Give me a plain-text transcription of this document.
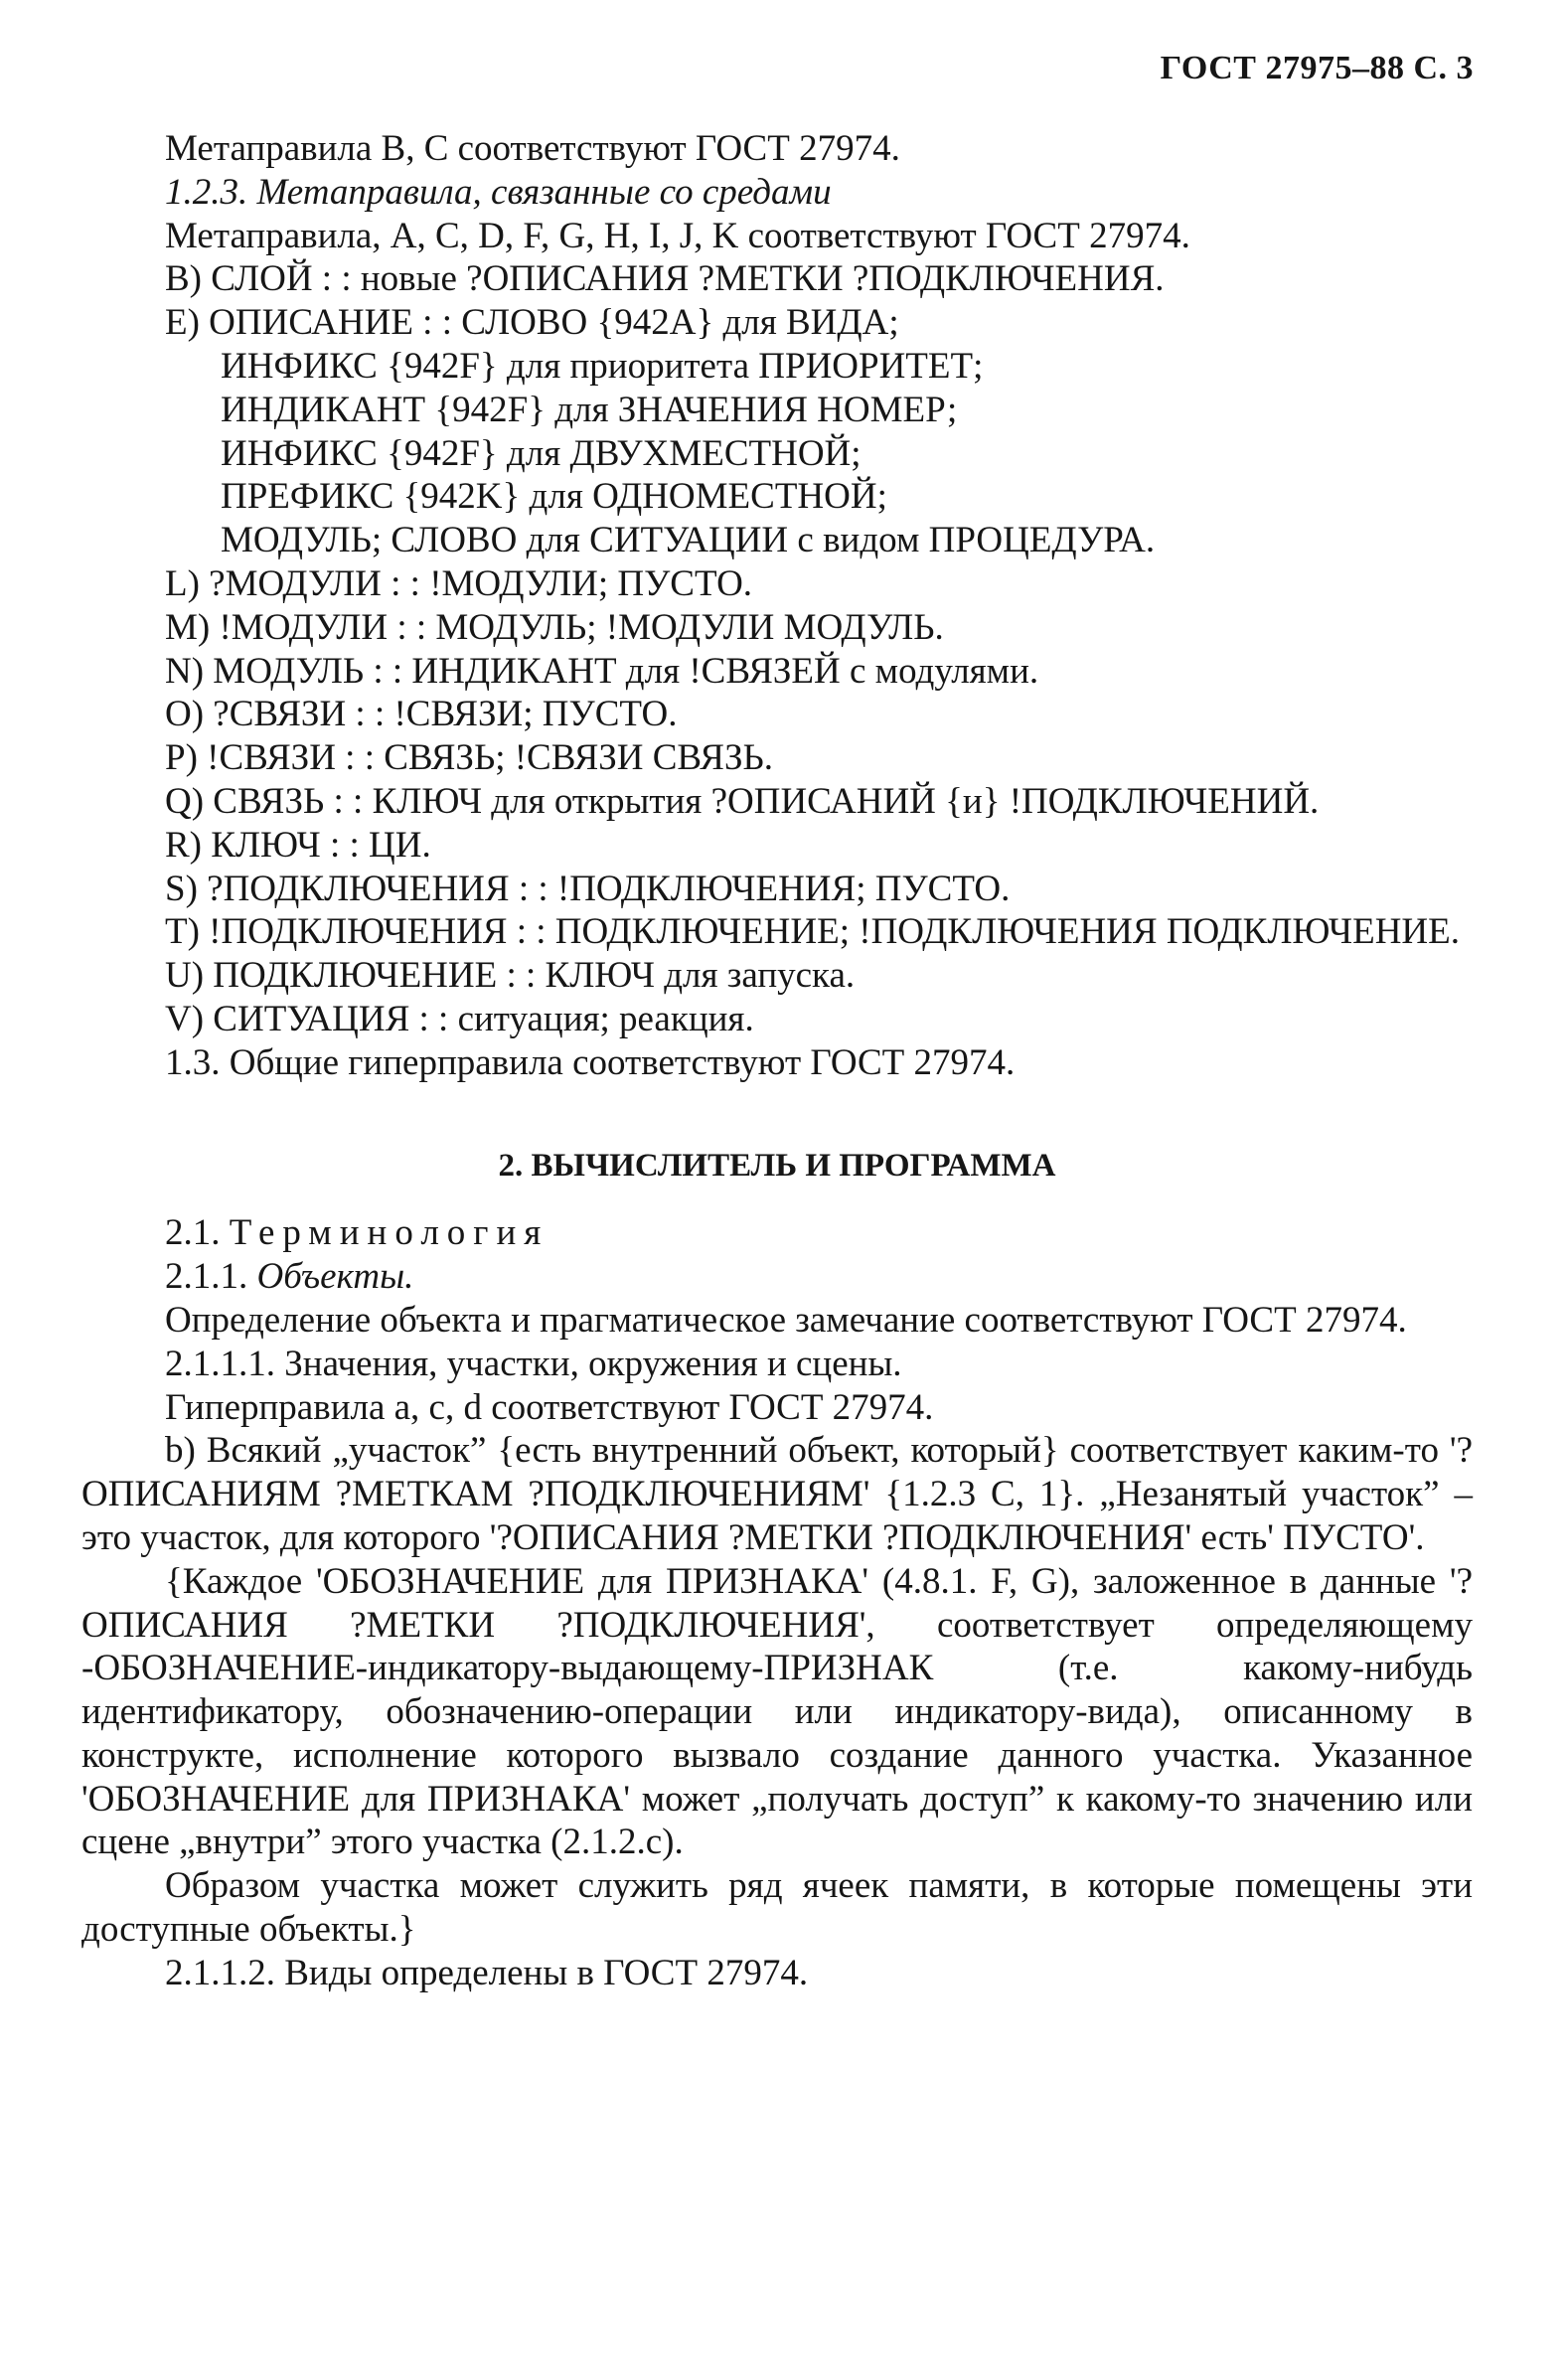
ГОСТ 27975–88 С. 3

Метаправила B, C соответствуют ГОСТ 27974.

1.2.3. Метаправила, связанные со средами

Метаправила, A, C, D, F, G, H, I, J, K соответствуют ГОСТ 27974.

B) СЛОЙ : : новые ?ОПИСАНИЯ ?МЕТКИ ?ПОДКЛЮЧЕНИЯ.

E) ОПИСАНИЕ : : СЛОВО {942A} для ВИДА;

ИНФИКС {942F} для приоритета ПРИОРИТЕТ;

ИНДИКАНТ {942F} для ЗНАЧЕНИЯ НОМЕР;

ИНФИКС {942F} для ДВУХМЕСТНОЙ;

ПРЕФИКС {942K} для ОДНОМЕСТНОЙ;

МОДУЛЬ; СЛОВО для СИТУАЦИИ с видом ПРОЦЕДУРА.

L) ?МОДУЛИ : : !МОДУЛИ; ПУСТО.

M) !МОДУЛИ : : МОДУЛЬ; !МОДУЛИ МОДУЛЬ.

N) МОДУЛЬ : : ИНДИКАНТ для !СВЯЗЕЙ с модулями.

O) ?СВЯЗИ : : !СВЯЗИ; ПУСТО.

P) !СВЯЗИ : : СВЯЗЬ; !СВЯЗИ СВЯЗЬ.

Q) СВЯЗЬ : : КЛЮЧ для открытия ?ОПИСАНИЙ {и} !ПОДКЛЮЧЕНИЙ.

R) КЛЮЧ : : ЦИ.

S) ?ПОДКЛЮЧЕНИЯ : : !ПОДКЛЮЧЕНИЯ; ПУСТО.

T) !ПОДКЛЮЧЕНИЯ : : ПОДКЛЮЧЕНИЕ; !ПОДКЛЮЧЕНИЯ ПОДКЛЮЧЕНИЕ.

U) ПОДКЛЮЧЕНИЕ : : КЛЮЧ для запуска.

V) СИТУАЦИЯ : : ситуация; реакция.

1.3. Общие гиперправила соответствуют ГОСТ 27974.

2. ВЫЧИСЛИТЕЛЬ И ПРОГРАММА

2.1. Терминология

2.1.1. Объекты.

Определение объекта и прагматическое замечание соответствуют ГОСТ 27974.

2.1.1.1. Значения, участки, окружения и сцены.

Гиперправила a, c, d соответствуют ГОСТ 27974.

b) Всякий „участок” {есть внутренний объект, который} соответствует каким-то '?ОПИСАНИЯМ ?МЕТКАМ ?ПОДКЛЮЧЕНИЯМ' {1.2.3 C, 1}. „Незанятый участок” – это участок, для которого '?ОПИСАНИЯ ?МЕТКИ ?ПОДКЛЮЧЕНИЯ' есть' ПУСТО'.

{Каждое 'ОБОЗНАЧЕНИЕ для ПРИЗНАКА' (4.8.1. F, G), заложенное в данные '?ОПИСАНИЯ ?МЕТКИ ?ПОДКЛЮЧЕНИЯ', соответствует определяющему -ОБОЗНАЧЕНИЕ-индикатору-выдающему-ПРИЗНАК (т.е. какому-нибудь идентификатору, обозначению-операции или индикатору-вида), описанному в конструкте, исполнение которого вызвало создание данного участка. Указанное 'ОБОЗНАЧЕНИЕ для ПРИЗНАКА' может „получать доступ” к какому-то значению или сцене „внутри” этого участка (2.1.2.c).

Образом участка может служить ряд ячеек памяти, в которые помещены эти доступные объекты.}

2.1.1.2. Виды определены в ГОСТ 27974.
